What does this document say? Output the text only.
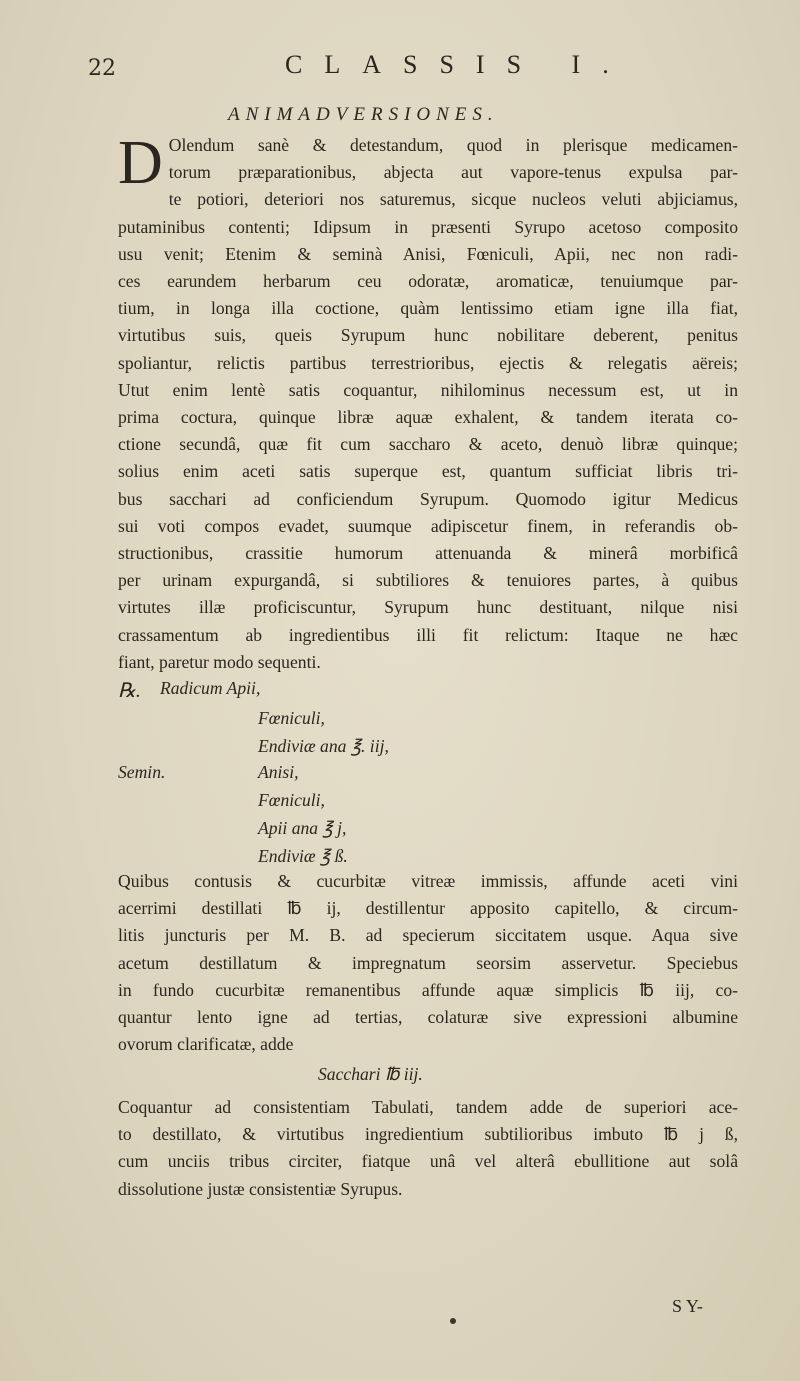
22	CLASSIS I.
ANIMADVERSIONES.
D Olendum sanè & detestandum, quod in plerisque medicamen-
torum præparationibus, abjecta aut vapore-tenus expulsa par-
te potiori, deteriori nos saturemus, sicque nucleos veluti abjiciamus,
putaminibus contenti; Idipsum in præsenti Syrupo acetoso composito
usu venit; Etenim & seminà Anisi, Fœniculi, Apii, nec non radi-
ces earundem herbarum ceu odoratæ, aromaticæ, tenuiumque par-
tium, in longa illa coctione, quàm lentissimo etiam igne illa fiat,
virtutibus suis, queis Syrupum hunc nobilitare deberent, penitus
spoliantur, relictis partibus terrestrioribus, ejectis & relegatis aëreis;
Utut enim lentè satis coquantur, nihilominus necessum est, ut in
prima coctura, quinque libræ aquæ exhalent, & tandem iterata co-
ctione secundâ, quæ fit cum saccharo & aceto, denuò libræ quinque;
solius enim aceti satis superque est, quantum sufficiat libris tri-
bus sacchari ad conficiendum Syrupum. Quomodo igitur Medicus
sui voti compos evadet, suumque adipiscetur finem, in referandis ob-
structionibus, crassitie humorum attenuanda & minerâ morbificâ
per urinam expurgandâ, si subtiliores & tenuiores partes, à quibus
virtutes illæ proficiscuntur, Syrupum hunc destituant, nilque nisi
crassamentum ab ingredientibus illi fit relictum: Itaque ne hæc
fiant, paretur modo sequenti.
℞. Radicum Apii,
Fœniculi,
Endiviæ ana ℥. iij,
Semin.	Anisi,
Fœniculi,
Apii ana ℥ j,
Endiviæ ℥ ß.
Quibus contusis & cucurbitæ vitreæ immissis, affunde aceti vini
acerrimi destillati ℔ ij, destillentur apposito capitello, & circum-
litis juncturis per M. B. ad specierum siccitatem usque. Aqua sive
acetum destillatum & impregnatum seorsim asservetur. Speciebus
in fundo cucurbitæ remanentibus affunde aquæ simplicis ℔ iij, co-
quantur lento igne ad tertias, colaturæ sive expressioni albumine
ovorum clarificatæ, adde
Sacchari ℔ iij.
Coquantur ad consistentiam Tabulati, tandem adde de superiori ace-
to destillato, & virtutibus ingredientium subtilioribus imbuto ℔ j ß,
cum unciis tribus circiter, fiatque unâ vel alterâ ebullitione aut solâ
dissolutione justæ consistentiæ Syrupus.
S Y-
